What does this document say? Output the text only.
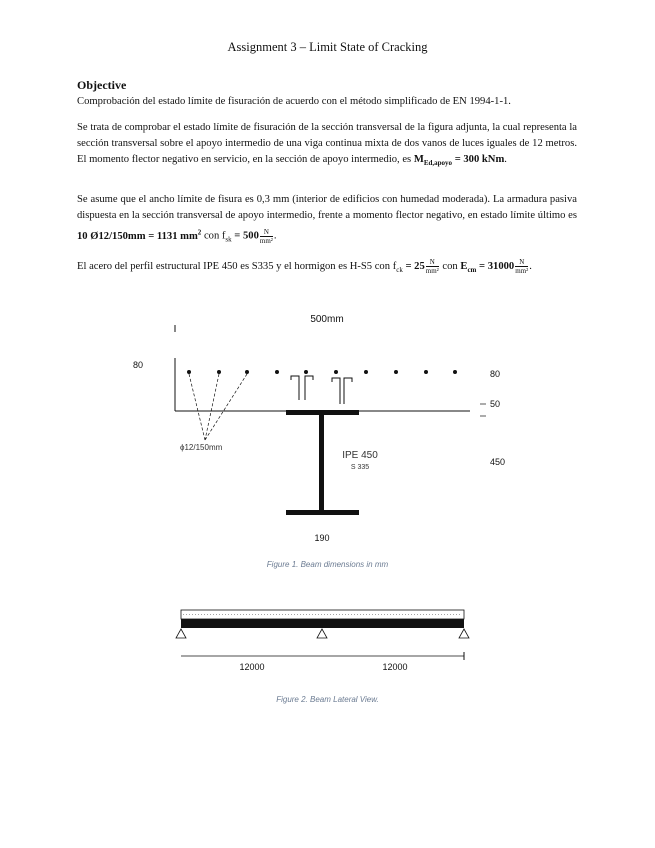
Assignment 3 – Limit State of Cracking
Objective
Comprobación del estado límite de fisuración de acuerdo con el método simplificado de EN 1994-1-1.
Se trata de comprobar el estado límite de fisuración de la sección transversal de la figura adjunta, la cual representa la sección transversal sobre el apoyo intermedio de una viga continua mixta de dos vanos de luces iguales de 12 metros. El momento flector negativo en servicio, en la sección de apoyo intermedio, es $M_{Ed,apoyo} = 300$ kNm.
Se asume que el ancho límite de fisura es 0,3 mm (interior de edificios con humedad moderada). La armadura pasiva dispuesta en la sección transversal de apoyo intermedio, frente a momento flector negativo, en estado límite último es 10 Ø12/150mm = 1131 $mm^2$ con $f_{sk} = 500 \frac{N}{\text{mm²}}$ .
El acero del perfil estructural IPE 450 es S335 y el hormigon es H-S5 con $f_{ck} = 25 \frac{N}{\text{mm²}}$ con $E_{cm} = 31000 \frac{N}{\text{mm²}}$ .
500mm
80
ϕ12/150mm
IPE 450
S 335
190
80
50
450
Figure 1. Beam dimensions in mm
12000	12000
Figure 2. Beam Lateral View.
